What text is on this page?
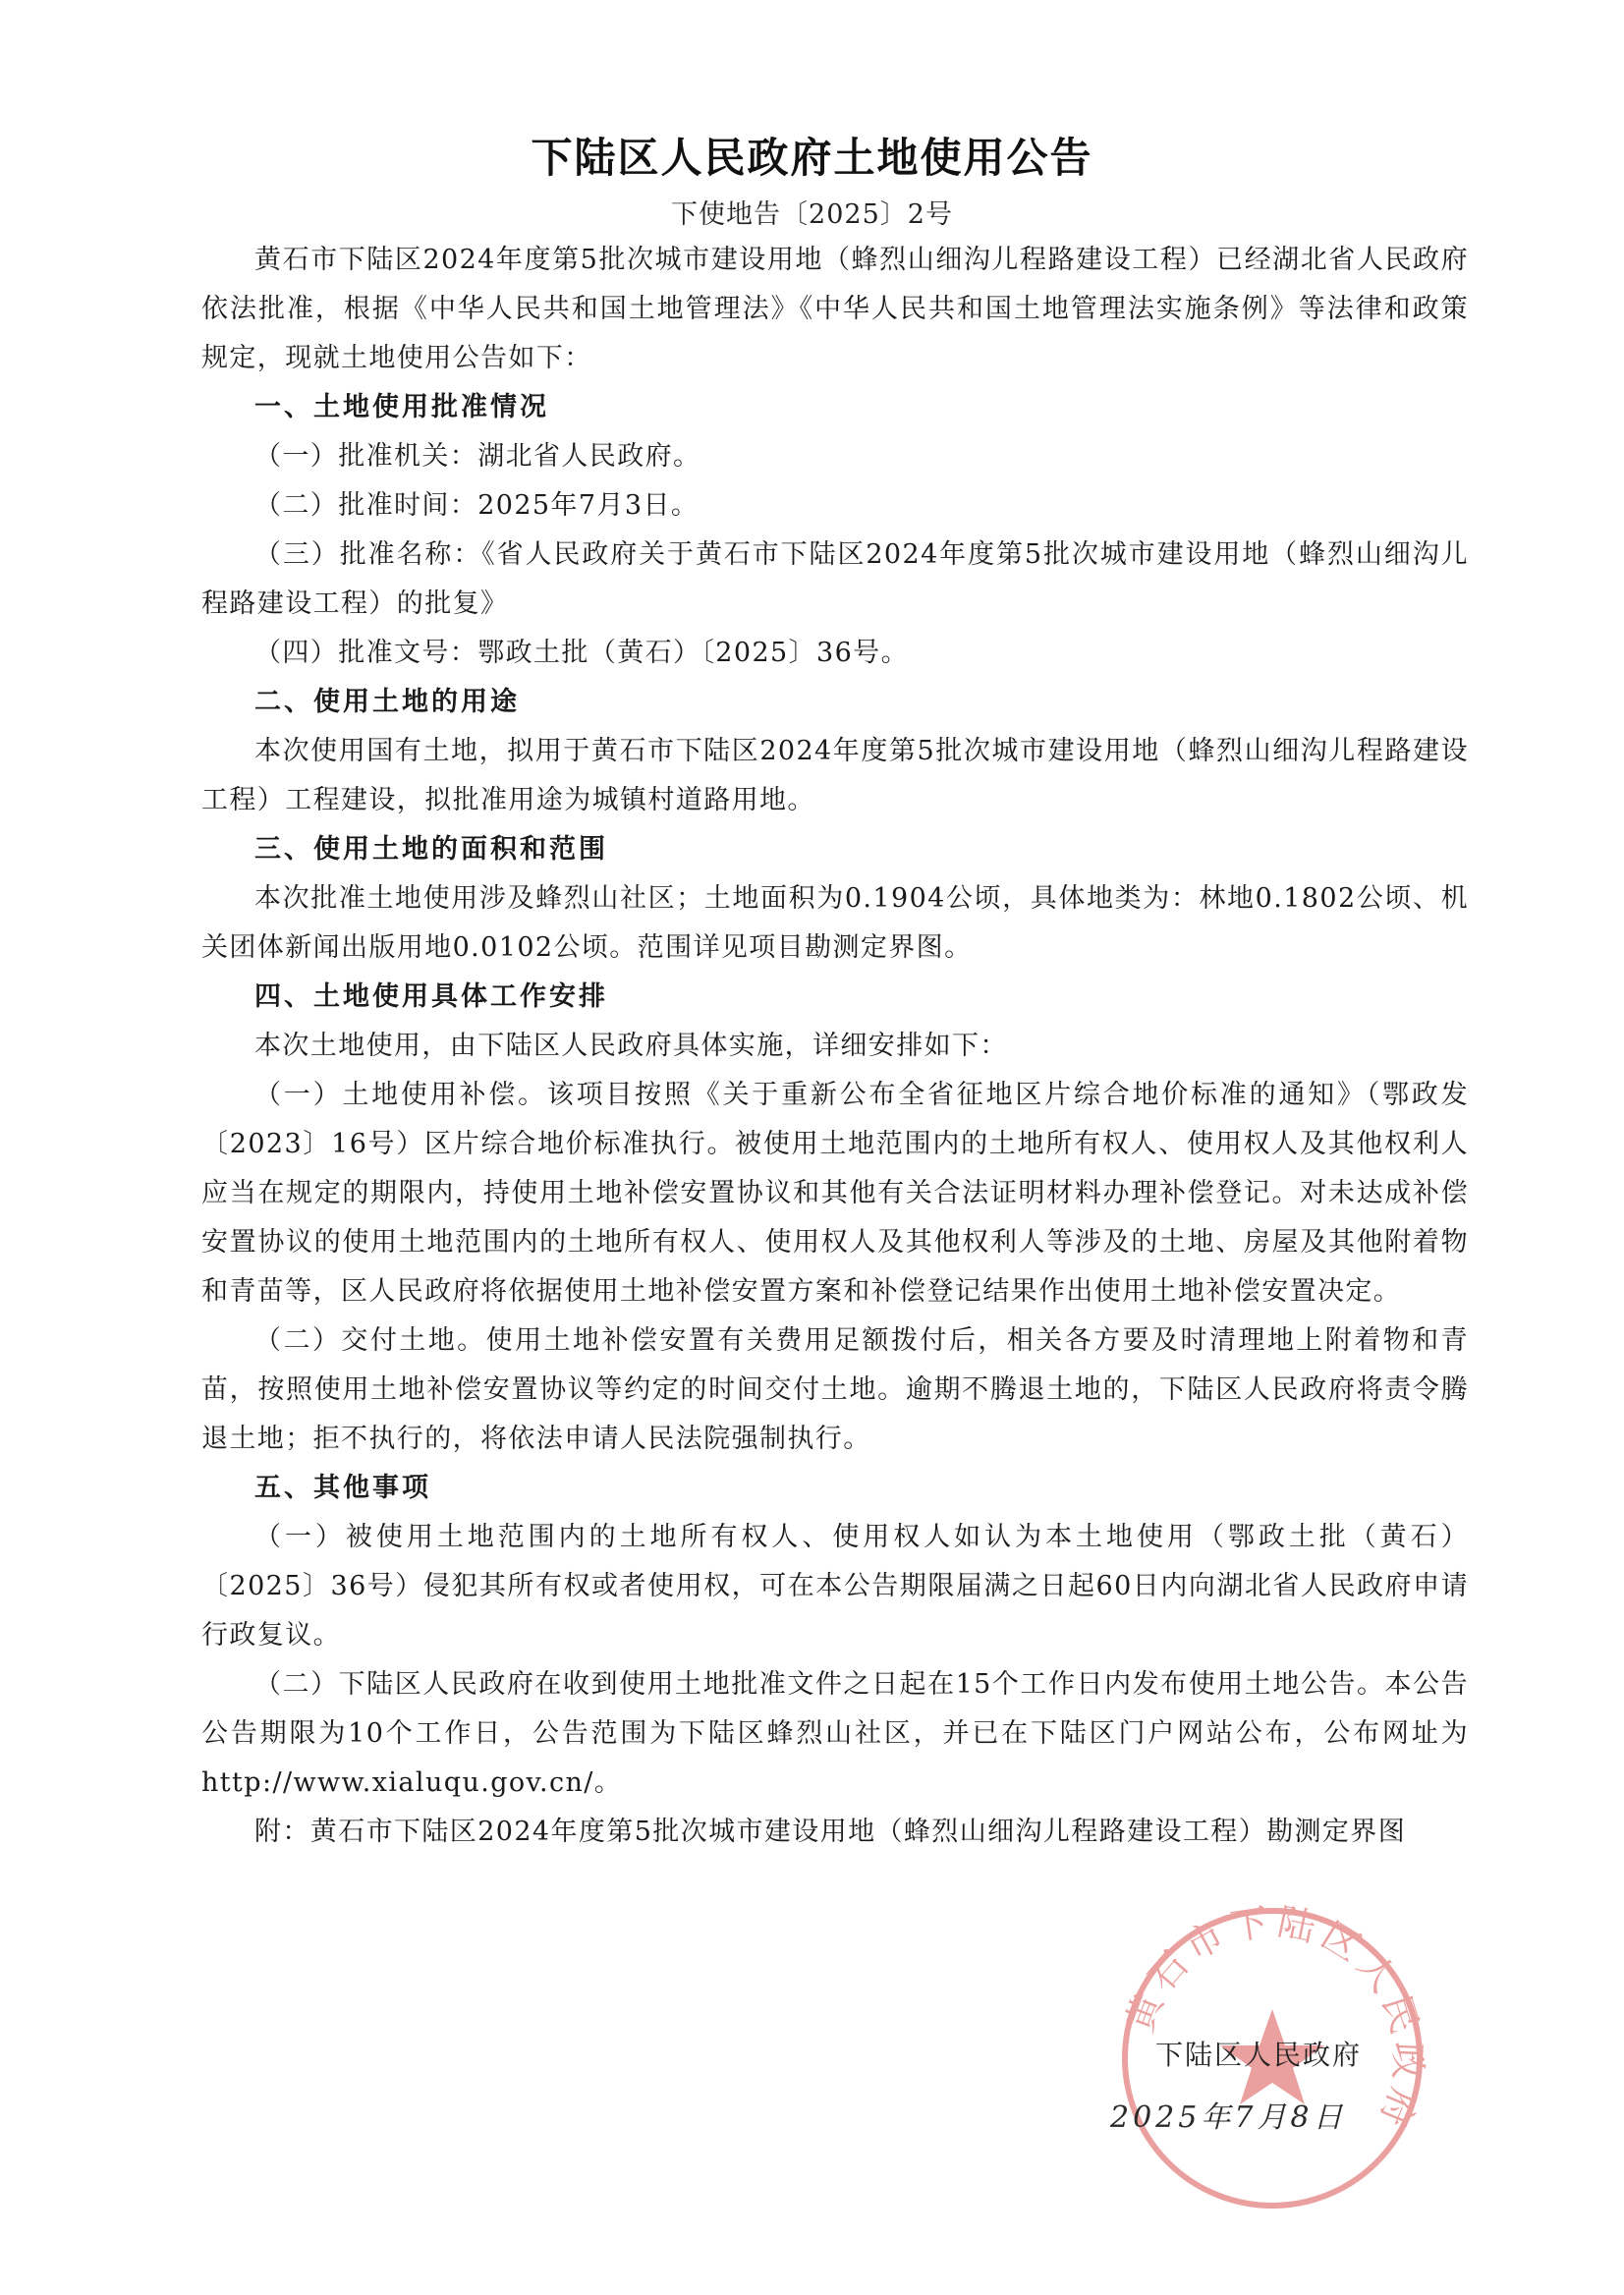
下陆区人民政府土地使用公告
下使地告〔2025〕2号

黄石市下陆区2024年度第5批次城市建设用地（蜂烈山细沟儿程路建设工程）已经湖北省人民政府依法批准，根据《中华人民共和国土地管理法》《中华人民共和国土地管理法实施条例》等法律和政策规定，现就土地使用公告如下：

一、土地使用批准情况

（一）批准机关：湖北省人民政府。

（二）批准时间：2025年7月3日。

（三）批准名称：《省人民政府关于黄石市下陆区2024年度第5批次城市建设用地（蜂烈山细沟儿程路建设工程）的批复》

（四）批准文号：鄂政土批（黄石）〔2025〕36号。

二、使用土地的用途

本次使用国有土地，拟用于黄石市下陆区2024年度第5批次城市建设用地（蜂烈山细沟儿程路建设工程）工程建设，拟批准用途为城镇村道路用地。

三、使用土地的面积和范围

本次批准土地使用涉及蜂烈山社区；土地面积为0.1904公顷，具体地类为：林地0.1802公顷、机关团体新闻出版用地0.0102公顷。范围详见项目勘测定界图。

四、土地使用具体工作安排

本次土地使用，由下陆区人民政府具体实施，详细安排如下：

（一）土地使用补偿。该项目按照《关于重新公布全省征地区片综合地价标准的通知》（鄂政发〔2023〕16号）区片综合地价标准执行。被使用土地范围内的土地所有权人、使用权人及其他权利人应当在规定的期限内，持使用土地补偿安置协议和其他有关合法证明材料办理补偿登记。对未达成补偿安置协议的使用土地范围内的土地所有权人、使用权人及其他权利人等涉及的土地、房屋及其他附着物和青苗等，区人民政府将依据使用土地补偿安置方案和补偿登记结果作出使用土地补偿安置决定。

（二）交付土地。使用土地补偿安置有关费用足额拨付后，相关各方要及时清理地上附着物和青苗，按照使用土地补偿安置协议等约定的时间交付土地。逾期不腾退土地的，下陆区人民政府将责令腾退土地；拒不执行的，将依法申请人民法院强制执行。

五、其他事项

（一）被使用土地范围内的土地所有权人、使用权人如认为本土地使用（鄂政土批（黄石）〔2025〕36号）侵犯其所有权或者使用权，可在本公告期限届满之日起60日内向湖北省人民政府申请行政复议。

（二）下陆区人民政府在收到使用土地批准文件之日起在15个工作日内发布使用土地公告。本公告公告期限为10个工作日，公告范围为下陆区蜂烈山社区，并已在下陆区门户网站公布，公布网址为http://www.xialuqu.gov.cn/。

附：黄石市下陆区2024年度第5批次城市建设用地（蜂烈山细沟儿程路建设工程）勘测定界图

黄石市下陆区人民政府
下陆区人民政府
2025年7月8日
